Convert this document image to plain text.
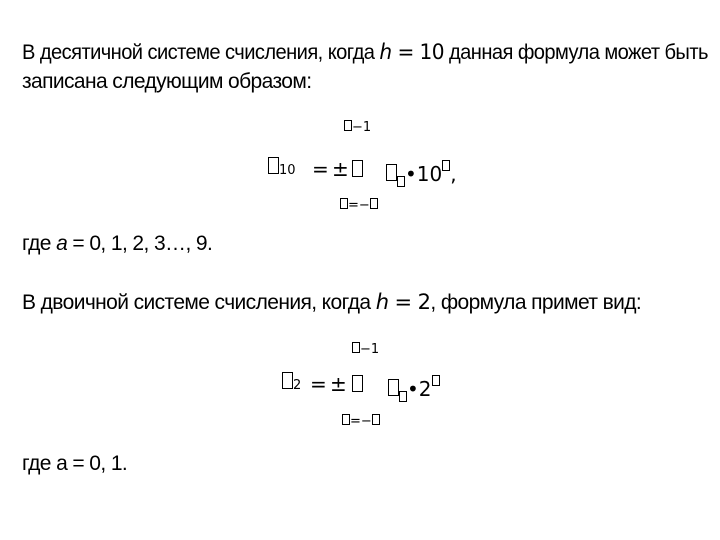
В десятичной системе счисления, когда h = 10 данная формула может быть
записана следующим образом:
−1
10 = ±	•10 ,
=−
где a = 0, 1, 2, 3…, 9.
В двоичной системе счисления, когда h = 2, формула примет вид:
−1
2 = ±	•2
=−
где a = 0, 1.
